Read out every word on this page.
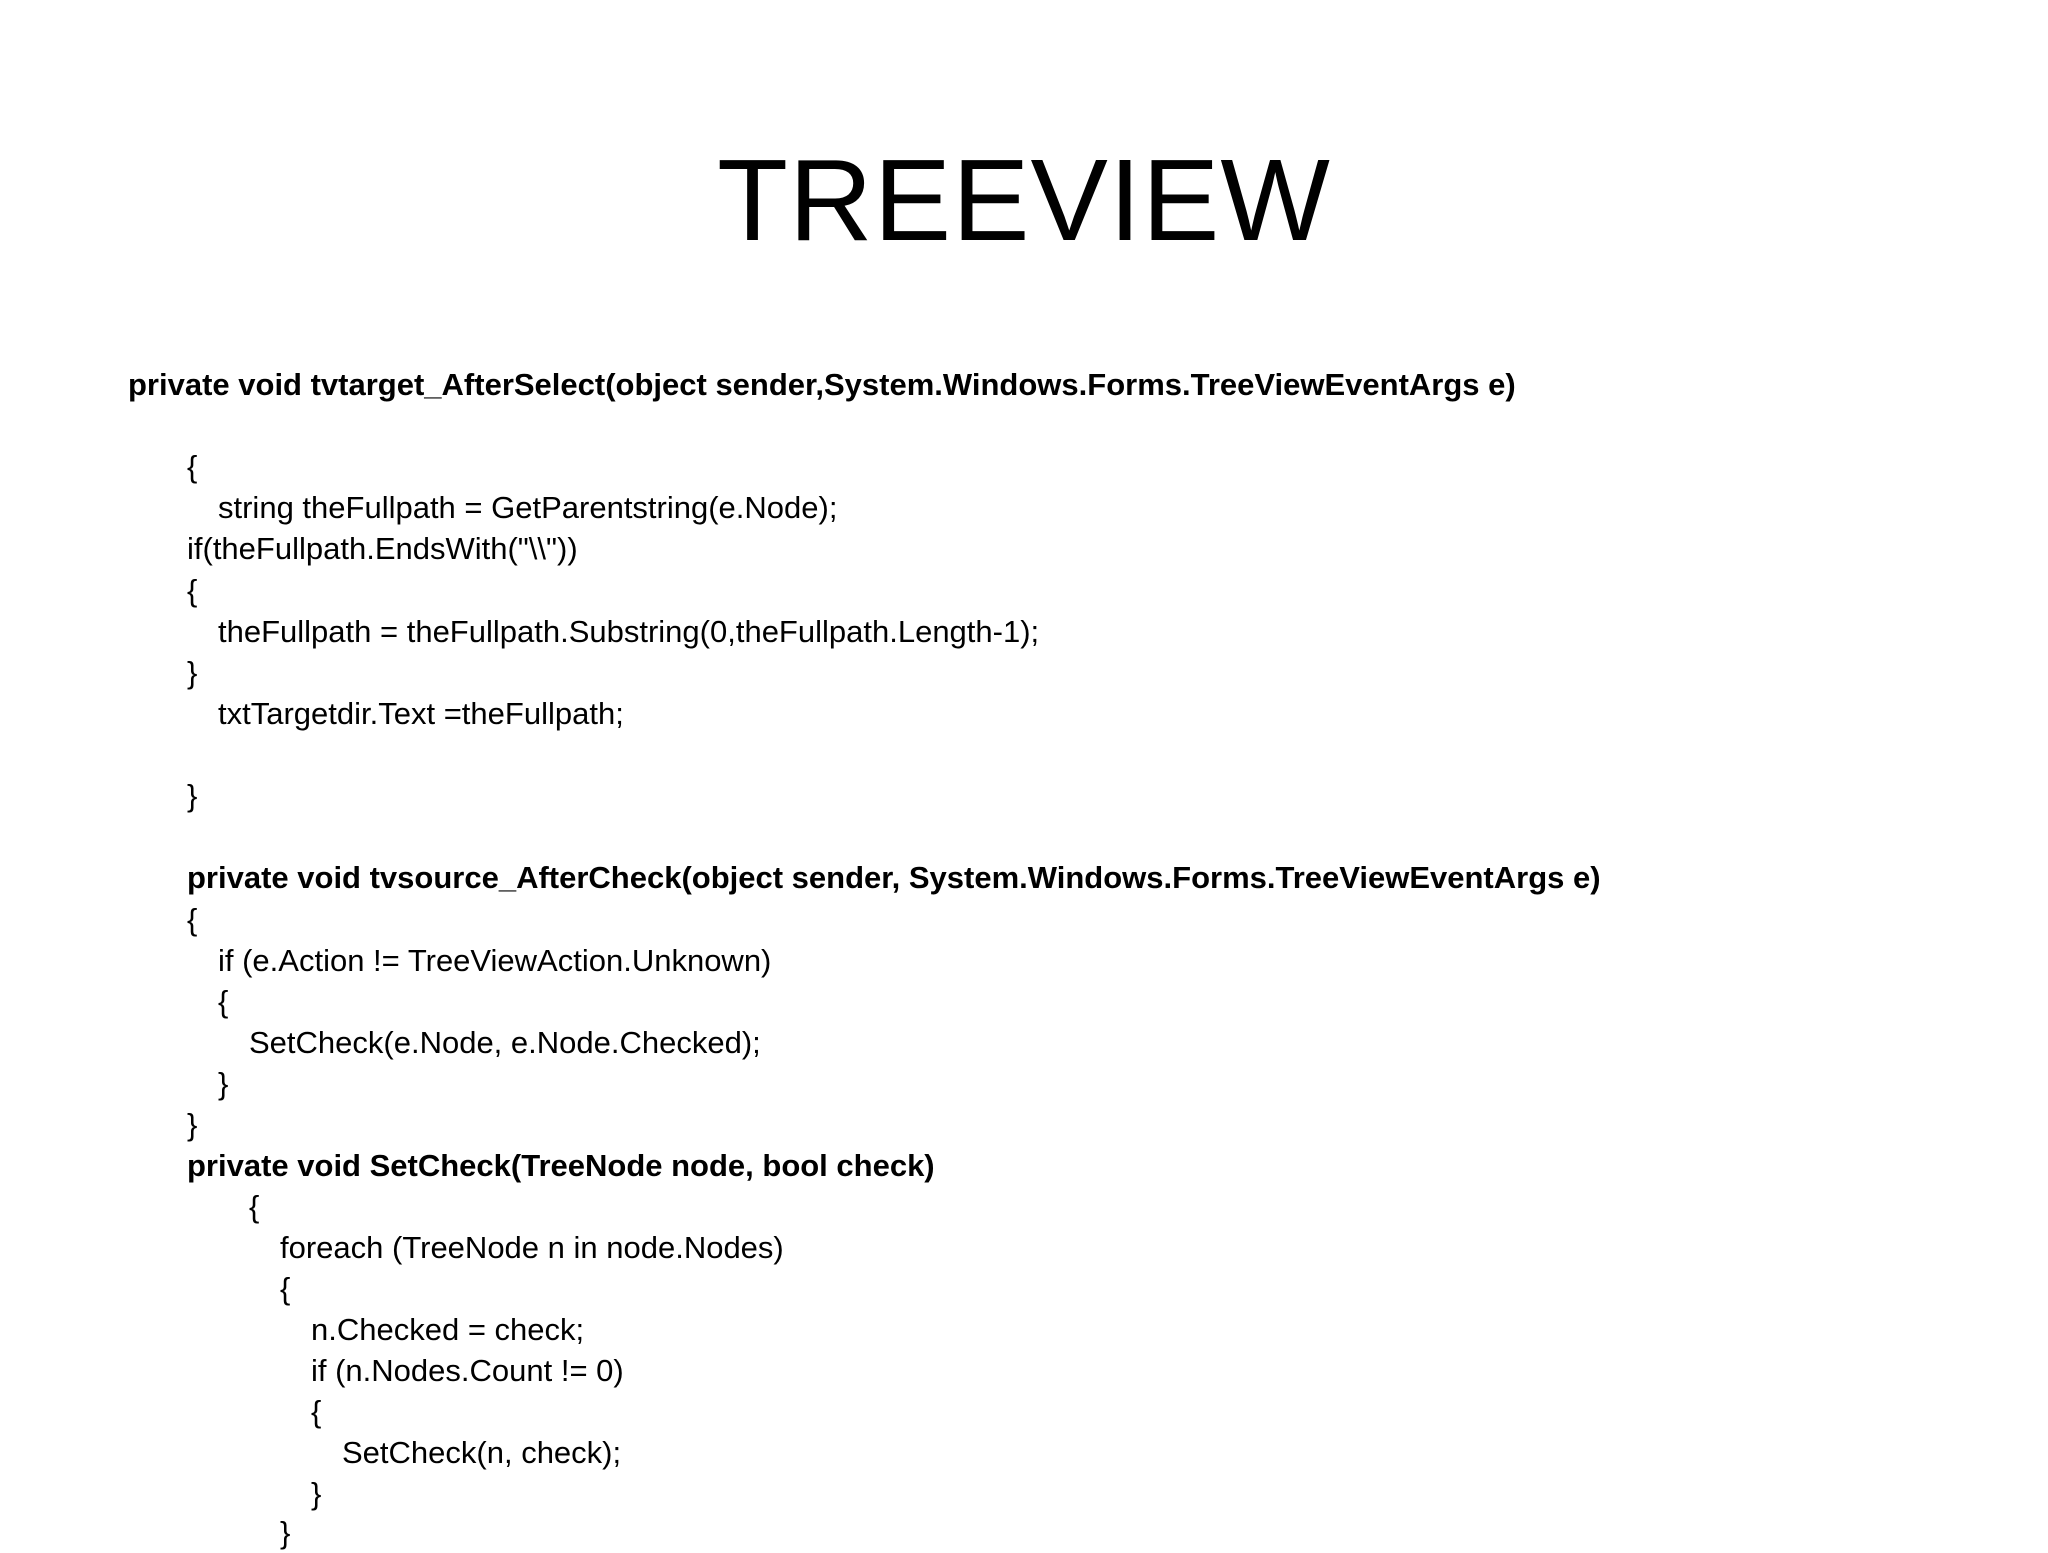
TREEVIEW
private void tvtarget_AfterSelect(object sender,System.Windows.Forms.TreeViewEventArgs e)
{
string theFullpath = GetParentstring(e.Node);
if(theFullpath.EndsWith("\\"))
{
theFullpath = theFullpath.Substring(0,theFullpath.Length-1);
}
txtTargetdir.Text =theFullpath;
}
private void tvsource_AfterCheck(object sender, System.Windows.Forms.TreeViewEventArgs e)
{
if (e.Action != TreeViewAction.Unknown)
{
SetCheck(e.Node, e.Node.Checked);
}
}
private void SetCheck(TreeNode node, bool check)
{
foreach (TreeNode n in node.Nodes)
{
n.Checked = check;
if (n.Nodes.Count != 0)
{
SetCheck(n, check);
}
}
